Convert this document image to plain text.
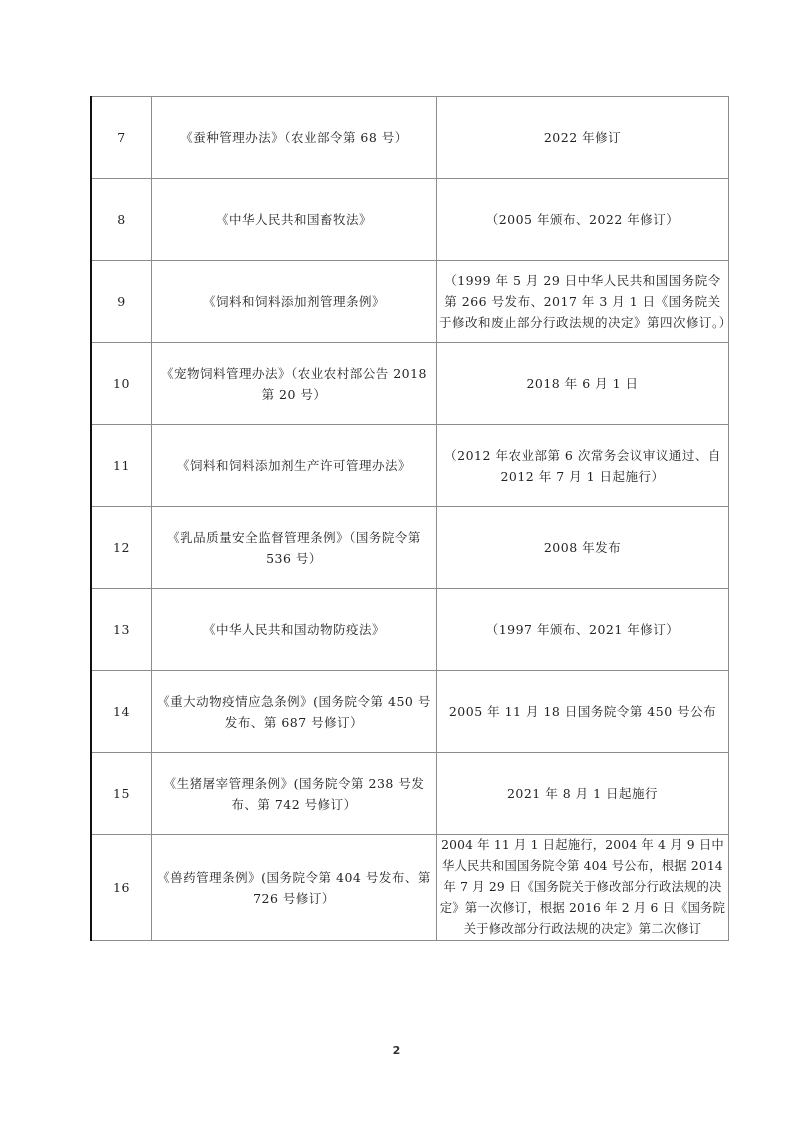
7	《蚕种管理办法》（农业部令第 68 号）	2022 年修订
8	《中华人民共和国畜牧法》	（2005 年颁布、2022 年修订）
9	《饲料和饲料添加剂管理条例》	（1999 年 5 月 29 日中华人民共和国国务院令第 266 号发布、2017 年 3 月 1 日《国务院关于修改和废止部分行政法规的决定》第四次修订。）
10	《宠物饲料管理办法》（农业农村部公告 2018 第 20 号）	2018 年 6 月 1 日
11	《饲料和饲料添加剂生产许可管理办法》	（2012 年农业部第 6 次常务会议审议通过、自 2012 年 7 月 1 日起施行）
12	《乳品质量安全监督管理条例》（国务院令第 536 号）	2008 年发布
13	《中华人民共和国动物防疫法》	（1997 年颁布、2021 年修订）
14	《重大动物疫情应急条例》(国务院令第 450 号发布、第 687 号修订）	2005 年 11 月 18 日国务院令第 450 号公布
15	《生猪屠宰管理条例》(国务院令第 238 号发布、第 742 号修订）	2021 年 8 月 1 日起施行
16	《兽药管理条例》(国务院令第 404 号发布、第 726 号修订）	2004 年 11 月 1 日起施行，2004 年 4 月 9 日中华人民共和国国务院令第 404 号公布，根据 2014 年 7 月 29 日《国务院关于修改部分行政法规的决定》第一次修订，根据 2016 年 2 月 6 日《国务院关于修改部分行政法规的决定》第二次修订
2
